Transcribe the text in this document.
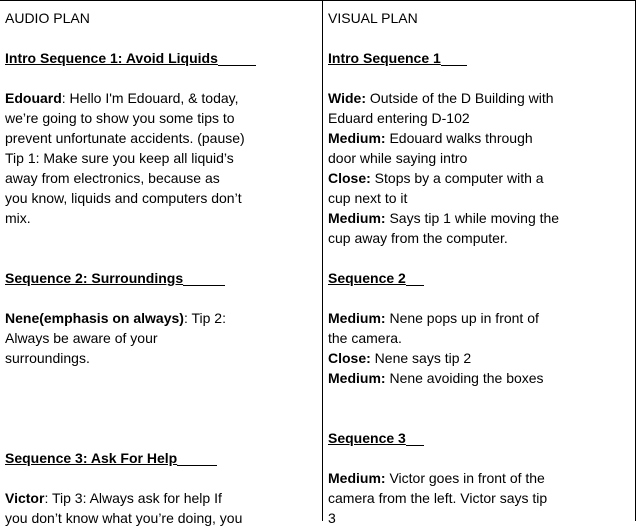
AUDIO PLAN
Intro Sequence 1: Avoid Liquids
Edouard: Hello I'm Edouard, & today,
we’re going to show you some tips to
prevent unfortunate accidents. (pause)
Tip 1: Make sure you keep all liquid’s
away from electronics, because as
you know, liquids and computers don’t
mix.
Sequence 2: Surroundings
Nene(emphasis on always): Tip 2:
Always be aware of your
surroundings.
Sequence 3: Ask For Help
Victor: Tip 3: Always ask for help If
you don’t know what you’re doing, you
VISUAL PLAN
Intro Sequence 1
Wide: Outside of the D Building with
Eduard entering D-102
Medium: Edouard walks through
door while saying intro
Close: Stops by a computer with a
cup next to it
Medium: Says tip 1 while moving the
cup away from the computer.
Sequence 2
Medium: Nene pops up in front of
the camera.
Close: Nene says tip 2
Medium: Nene avoiding the boxes
Sequence 3
Medium: Victor goes in front of the
camera from the left. Victor says tip
3
